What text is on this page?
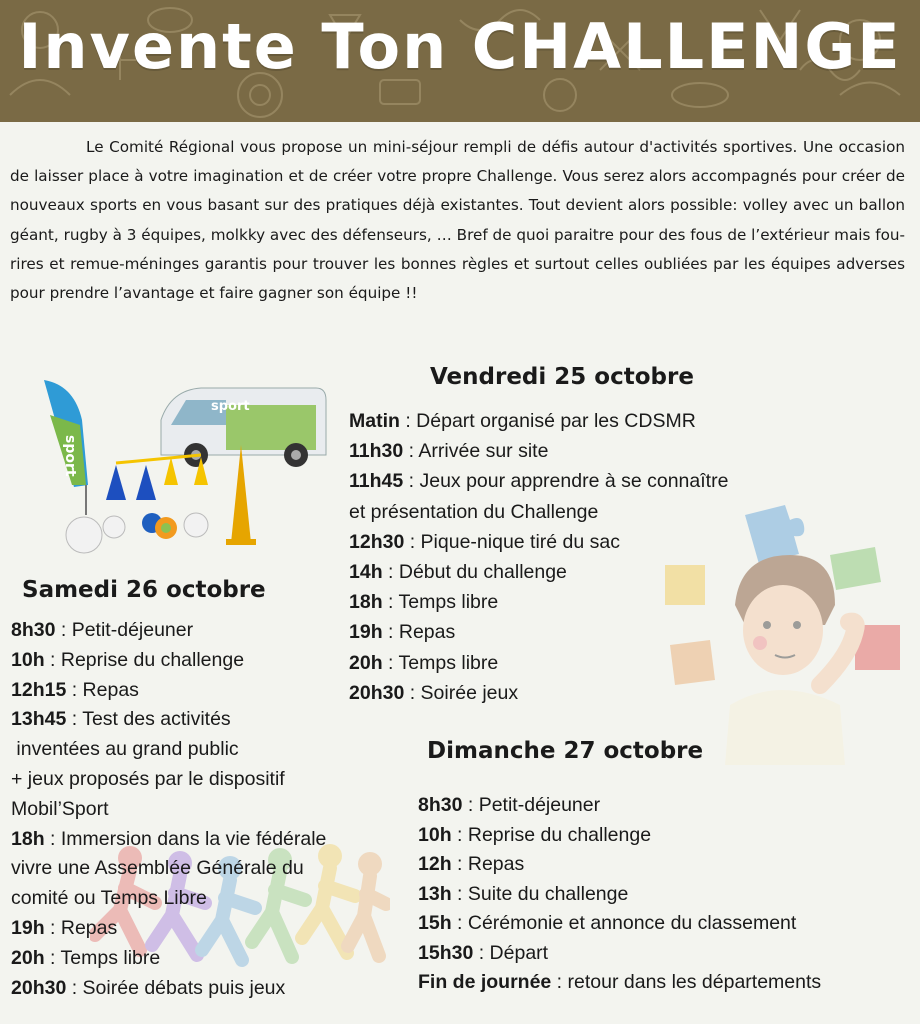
Invente Ton CHALLENGE

Le Comité Régional vous propose un mini-séjour rempli de défis autour d'activités sportives. Une occasion de laisser place à votre imagination et de créer votre propre Challenge. Vous serez alors accompagnés pour créer de nouveaux sports en vous basant sur des pratiques déjà existantes. Tout devient alors possible: volley avec un ballon géant, rugby à 3 équipes, molkky avec des défenseurs, … Bref de quoi paraitre pour des fous de l’extérieur mais fou-rires et remue-méninges garantis pour trouver les bonnes règles et surtout celles oubliées par les équipes adverses pour prendre l’avantage et faire gagner son équipe !!

sport
sport
Vendredi 25 octobre
Matin : Départ organisé par les CDSMR
11h30 : Arrivée sur site
11h45 : Jeux pour apprendre à se connaître
et présentation du Challenge
12h30 : Pique-nique tiré du sac
14h : Début du challenge
18h : Temps libre
19h : Repas
20h : Temps libre
20h30 : Soirée jeux
Samedi 26 octobre
8h30 : Petit-déjeuner
10h : Reprise du challenge
12h15 : Repas
13h45 : Test des activités
inventées au grand public
+ jeux proposés par le dispositif
Mobil’Sport
18h : Immersion dans la vie fédérale
vivre une Assemblée Générale du
comité ou Temps Libre
19h : Repas
20h : Temps libre
20h30 : Soirée débats puis jeux
Dimanche 27 octobre
8h30 : Petit-déjeuner
10h : Reprise du challenge
12h : Repas
13h : Suite du challenge
15h : Cérémonie et annonce du classement
15h30 : Départ
Fin de journée : retour dans les départements
